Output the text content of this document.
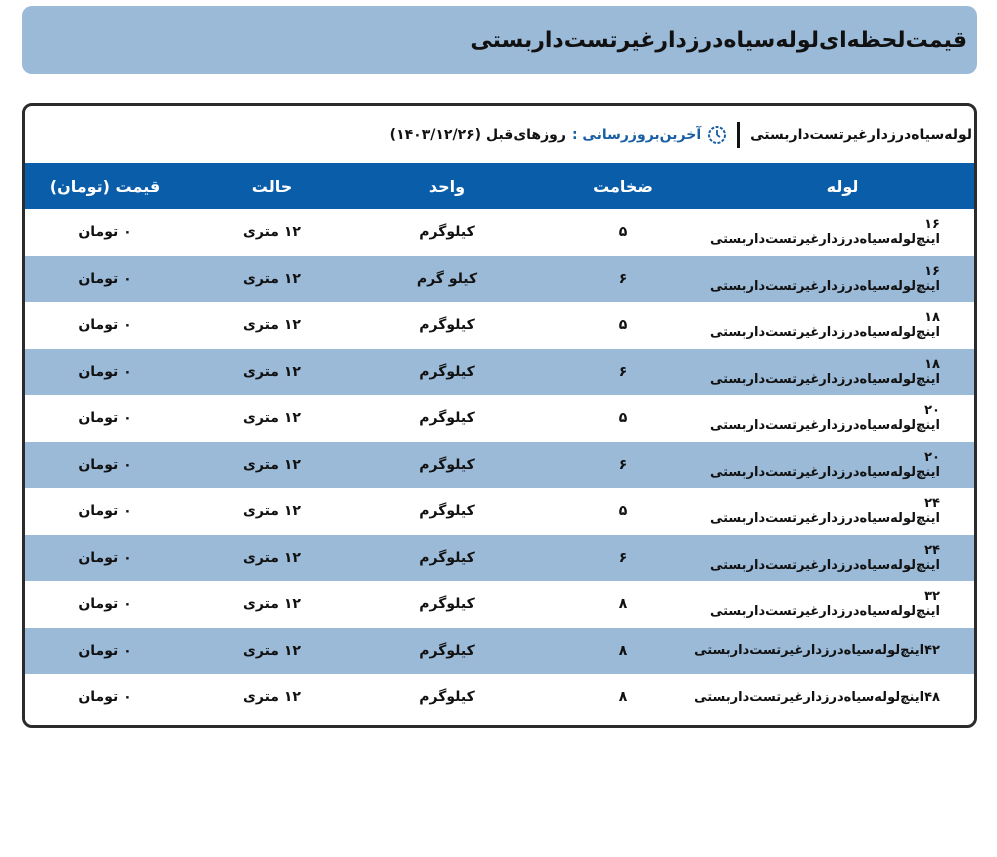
قیمت‌لحظه‌ای‌لوله‌سیاه‌درزدار‌غیرتست‌داربستی
لوله‌سیاه‌درزدارغیرتست‌داربستی
آخرین‌بروزرسانی :
روزهای‌قبل (۱۴۰۳/۱۲/۲۶)
لوله	ضخامت	واحد	حالت	قیمت (تومان)
۱۶ اینچ‌لوله‌سیاه‌درزدار‌غیرتست‌داربستی	۵	کیلوگرم	۱۲ متری	۰ تومان
۱۶ اینچ‌لوله‌سیاه‌درزدار‌غیرتست‌داربستی	۶	کیلو گرم	۱۲ متری	۰ تومان
۱۸ اینچ‌لوله‌سیاه‌درزدار‌غیرتست‌داربستی	۵	کیلوگرم	۱۲ متری	۰ تومان
۱۸ اینچ‌لوله‌سیاه‌درزدار‌غیرتست‌داربستی	۶	کیلوگرم	۱۲ متری	۰ تومان
۲۰ اینچ‌لوله‌سیاه‌درزدار‌غیرتست‌داربستی	۵	کیلوگرم	۱۲ متری	۰ تومان
۲۰ اینچ‌لوله‌سیاه‌درزدار‌غیرتست‌داربستی	۶	کیلوگرم	۱۲ متری	۰ تومان
۲۴ اینچ‌لوله‌سیاه‌درزدار‌غیرتست‌داربستی	۵	کیلوگرم	۱۲ متری	۰ تومان
۲۴ اینچ‌لوله‌سیاه‌درزدار‌غیرتست‌داربستی	۶	کیلوگرم	۱۲ متری	۰ تومان
۳۲ اینچ‌لوله‌سیاه‌درزدار‌غیرتست‌داربستی	۸	کیلوگرم	۱۲ متری	۰ تومان
۴۲اینچ‌لوله‌سیاه‌درزدار‌غیرتست‌داربستی	۸	کیلوگرم	۱۲ متری	۰ تومان
۴۸اینچ‌لوله‌سیاه‌درزدار‌غیرتست‌داربستی	۸	کیلوگرم	۱۲ متری	۰ تومان
